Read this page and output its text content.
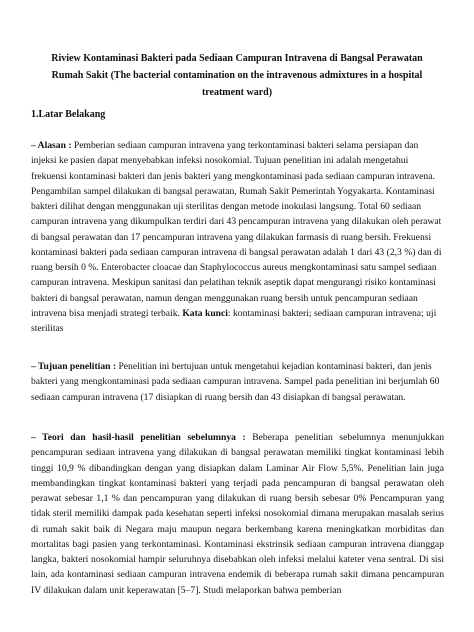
Riview Kontaminasi Bakteri pada Sediaan Campuran Intravena di Bangsal Perawatan
Rumah Sakit (The bacterial contamination on the intravenous admixtures in a hospital
treatment ward)
1.Latar Belakang

– Alasan : Pemberian sediaan campuran intravena yang terkontaminasi bakteri selama persiapan dan injeksi ke pasien dapat menyebabkan infeksi nosokomial. Tujuan penelitian ini adalah mengetahui frekuensi kontaminasi bakteri dan jenis bakteri yang mengkontaminasi pada sediaan campuran intravena. Pengambilan sampel dilakukan di bangsal perawatan, Rumah Sakit Pemerintah Yogyakarta. Kontaminasi bakteri dilihat dengan menggunakan uji sterilitas dengan metode inokulasi langsung. Total 60 sediaan campuran intravena yang dikumpulkan terdiri dari 43 pencampuran intravena yang dilakukan oleh perawat di bangsal perawatan dan 17 pencampuran intravena yang dilakukan farmasis di ruang bersih. Frekuensi kontaminasi bakteri pada sediaan campuran intravena di bangsal perawatan adalah 1 dari 43 (2,3 %) dan di ruang bersih 0 %. Enterobacter cloacae dan Staphylococcus aureus mengkontaminasi satu sampel sediaan campuran intravena. Meskipun sanitasi dan pelatihan teknik aseptik dapat mengurangi risiko kontaminasi bakteri di bangsal perawatan, namun dengan menggunakan ruang bersih untuk pencampuran sediaan intravena bisa menjadi strategi terbaik. Kata kunci: kontaminasi bakteri; sediaan campuran intravena; uji sterilitas

– Tujuan penelitian : Penelitian ini bertujuan untuk mengetahui kejadian kontaminasi bakteri, dan jenis bakteri yang mengkontaminasi pada sediaan campuran intravena. Sampel pada penelitian ini berjumlah 60 sediaan campuran intravena (17 disiapkan di ruang bersih dan 43 disiapkan di bangsal perawatan.

– Teori dan hasil-hasil penelitian sebelumnya : Beberapa penelitian sebelumnya menunjukkan pencampuran sediaan intravena yang dilakukan di bangsal perawatan memiliki tingkat kontaminasi lebih tinggi 10,9 % dibandingkan dengan yang disiapkan dalam Laminar Air Flow 5,5%. Penelitian lain juga membandingkan tingkat kontaminasi bakteri yang terjadi pada pencampuran di bangsal perawatan oleh perawat sebesar 1,1 % dan pencampuran yang dilakukan di ruang bersih sebesar 0% Pencampuran yang tidak steril memiliki dampak pada kesehatan seperti infeksi nosokomial dimana merupakan masalah serius di rumah sakit baik di Negara maju maupun negara berkembang karena meningkatkan morbiditas dan mortalitas bagi pasien yang terkontaminasi. Kontaminasi ekstrinsik sediaan campuran intravena dianggap langka, bakteri nosokomial hampir seluruhnya disebabkan oleh infeksi melalui kateter vena sentral. Di sisi lain, ada kontaminasi sediaan campuran intravena endemik di beberapa rumah sakit dimana pencampuran IV dilakukan dalam unit keperawatan [5–7]. Studi melaporkan bahwa pemberian
